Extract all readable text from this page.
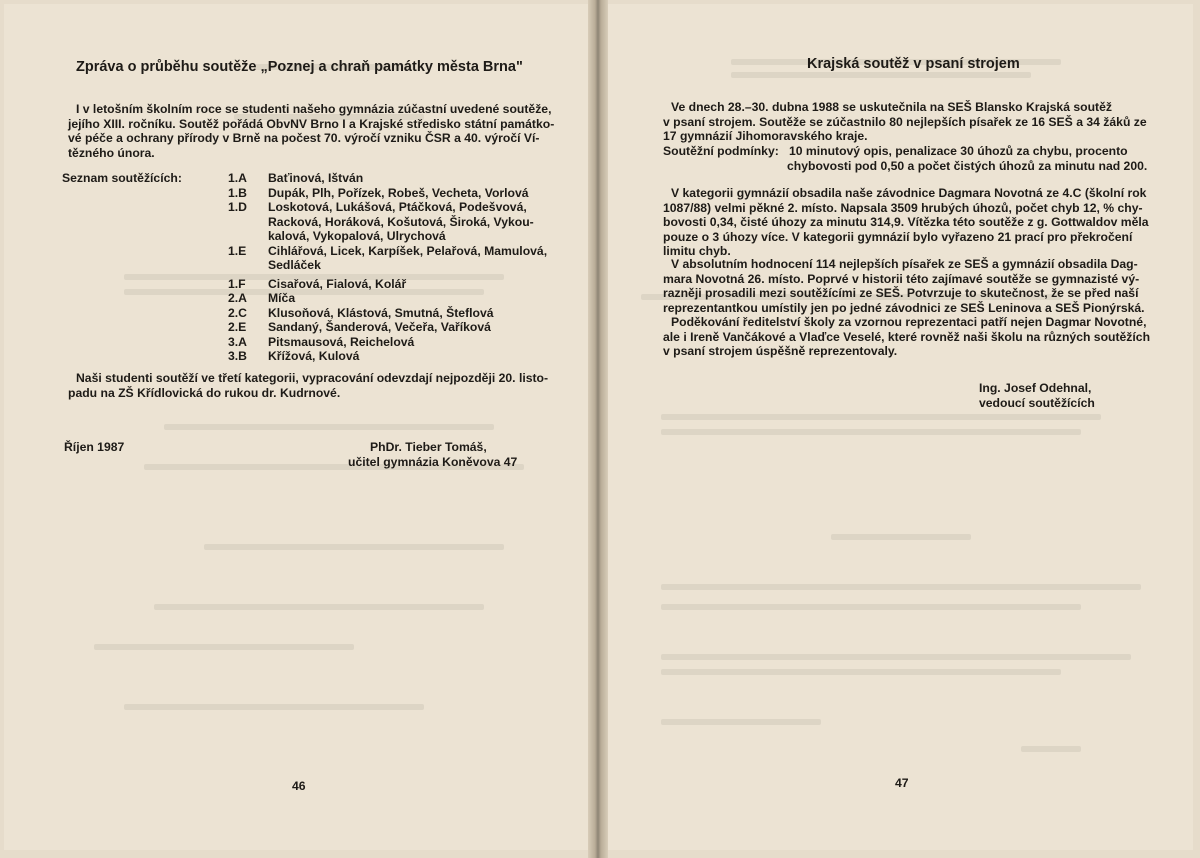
Zpráva o průběhu soutěže „Poznej a chraň památky města Brna"
I v letošním školním roce se studenti našeho gymnázia zúčastní uvedené soutěže,
jejího XIII. ročníku. Soutěž pořádá ObvNV Brno I a Krajské středisko státní památko-
vé péče a ochrany přírody v Brně na počest 70. výročí vzniku ČSR a 40. výročí Ví-
tězného února.
Seznam soutěžících:	1.A	Baťinová, Ištván
1.B	Dupák, Plh, Pořízek, Robeš, Vecheta, Vorlová
1.D	Loskotová, Lukášová, Ptáčková, Podešvová,
Racková, Horáková, Košutová, Široká, Vykou-
kalová, Vykopalová, Ulrychová
1.E	Cihlářová, Licek, Karpíšek, Pelařová, Mamulová,
Sedláček
1.F	Cisařová, Fialová, Kolář
2.A	Míča
2.C	Klusoňová, Klástová, Smutná, Šteflová
2.E	Sandaný, Šanderová, Večeřa, Vaříková
3.A	Pitsmausová, Reichelová
3.B	Křížová, Kulová
Naši studenti soutěží ve třetí kategorii, vypracování odevzdají nejpozději 20. listo-
padu na ZŠ Křídlovická do rukou dr. Kudrnové.
Říjen 1987	PhDr. Tieber Tomáš,
učitel gymnázia Koněvova 47
46
Krajská soutěž v psaní strojem
Ve dnech 28.–30. dubna 1988 se uskutečnila na SEŠ Blansko Krajská soutěž
v psaní strojem. Soutěže se zúčastnilo 80 nejlepších písařek ze 16 SEŠ a 34 žáků ze
17 gymnázií Jihomoravského kraje.
Soutěžní podmínky: 10 minutový opis, penalizace 30 úhozů za chybu, procento
chybovosti pod 0,50 a počet čistých úhozů za minutu nad 200.
V kategorii gymnázií obsadila naše závodnice Dagmara Novotná ze 4.C (školní rok
1087/88) velmi pěkné 2. místo. Napsala 3509 hrubých úhozů, počet chyb 12, % chy-
bovosti 0,34, čisté úhozy za minutu 314,9. Vítězka této soutěže z g. Gottwaldov měla
pouze o 3 úhozy více. V kategorii gymnázií bylo vyřazeno 21 prací pro překročení
limitu chyb.
V absolutním hodnocení 114 nejlepších písařek ze SEŠ a gymnázií obsadila Dag-
mara Novotná 26. místo. Poprvé v historii této zajímavé soutěže se gymnazisté vý-
razněji prosadili mezi soutěžícími ze SEŠ. Potvrzuje to skutečnost, že se před naší
reprezentantkou umístily jen po jedné závodnici ze SEŠ Leninova a SEŠ Pionýrská.
Poděkování ředitelství školy za vzornou reprezentaci patří nejen Dagmar Novotné,
ale i Ireně Vančákové a Vlaďce Veselé, které rovněž naši školu na různých soutěžích
v psaní strojem úspěšně reprezentovaly.
Ing. Josef Odehnal,
vedoucí soutěžících
47
